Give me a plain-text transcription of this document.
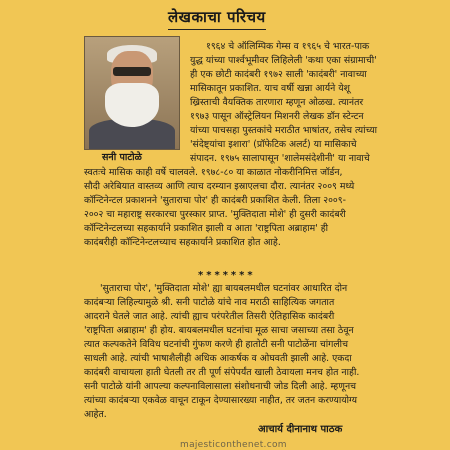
लेखकाचा परिचय
सनी पाटोळे
१९६४ चे ऑलिम्पिक गेम्स व १९६५ चे भारत-पाक
युद्ध यांच्या पार्श्वभूमीवर लिहिलेली 'कथा एका संग्रामाची'
ही एक छोटी कादंबरी १९७२ साली 'कादंबरी' नावाच्या
मासिकातून प्रकाशित. याच वर्षी खन्ना आर्यने येशू
ख्रिस्ताची वैयक्तिक तारणारा म्हणून ओळख. त्यानंतर
१९७३ पासून ऑस्ट्रेलियन मिशनरी लेखक डॉन स्टेन्टन
यांच्या पाचसहा पुस्तकांचे मराठीत भाषांतर, तसेच त्यांच्या
'संदेष्ट्यांचा इशारा' (प्रॉफेटिक अलर्ट) या मासिकाचे
संपादन. १९७५ सालापासून 'शालेमसंदेशीनी' या नावाचे
स्वतःचे मासिक काही वर्षे चालवले. १९७८-८० या काळात नोकरीनिमित्त जॉर्डन,
सौदी अरेबियात वास्तव्य आणि त्याच दरम्यान इस्राएलचा दौरा. त्यानंतर २००९ मध्ये
कॉन्टिनेन्टल प्रकाशनने 'सुताराचा पोर' ही कादंबरी प्रकाशित केली. तिला २००९-
२००२ चा महाराष्ट्र सरकारचा पुरस्कार प्राप्त. 'मुक्तिदाता मोशे' ही दुसरी कादंबरी
कॉन्टिनेन्टलच्या सहकार्याने प्रकाशित झाली व आता 'राष्ट्रपिता अब्राहाम' ही
कादंबरीही कॉन्टिनेन्टलच्याच सहकार्याने प्रकाशित होत आहे.
*******
'सुताराचा पोर', 'मुक्तिदाता मोशे' ह्या बायबलमधील घटनांवर आधारित दोन
कादंबऱ्या लिहिल्यामुळे श्री. सनी पाटोळे यांचे नाव मराठी साहित्यिक जगतात
आदराने घेतले जात आहे. त्यांची ह्याच परंपरेतील तिसरी ऐतिहासिक कादंबरी
'राष्ट्रपिता अब्राहाम' ही होय. बायबलमधील घटनांचा मूळ साचा जसाच्या तसा ठेवून
त्यात कल्पकतेने विविध घटनांची गुंफण करणे ही हातोटी सनी पाटोळेंना चांगलीच
साधली आहे. त्यांची भाषाशैलीही अधिक आकर्षक व ओघवती झाली आहे. एकदा
कादंबरी वाचायला हाती घेतली तर ती पूर्ण संपेपर्यंत खाली ठेवायला मनच होत नाही.
सनी पाटोळे यांनी आपल्या कल्पनाविलासाला संशोधनाची जोड दिली आहे. म्हणूनच
त्यांच्या कादंबऱ्या एकवेळ वाचून टाकून देण्यासारख्या नाहीत, तर जतन करण्यायोग्य
आहेत.
आचार्य दीनानाथ पाठक
majesticonthenet.com
